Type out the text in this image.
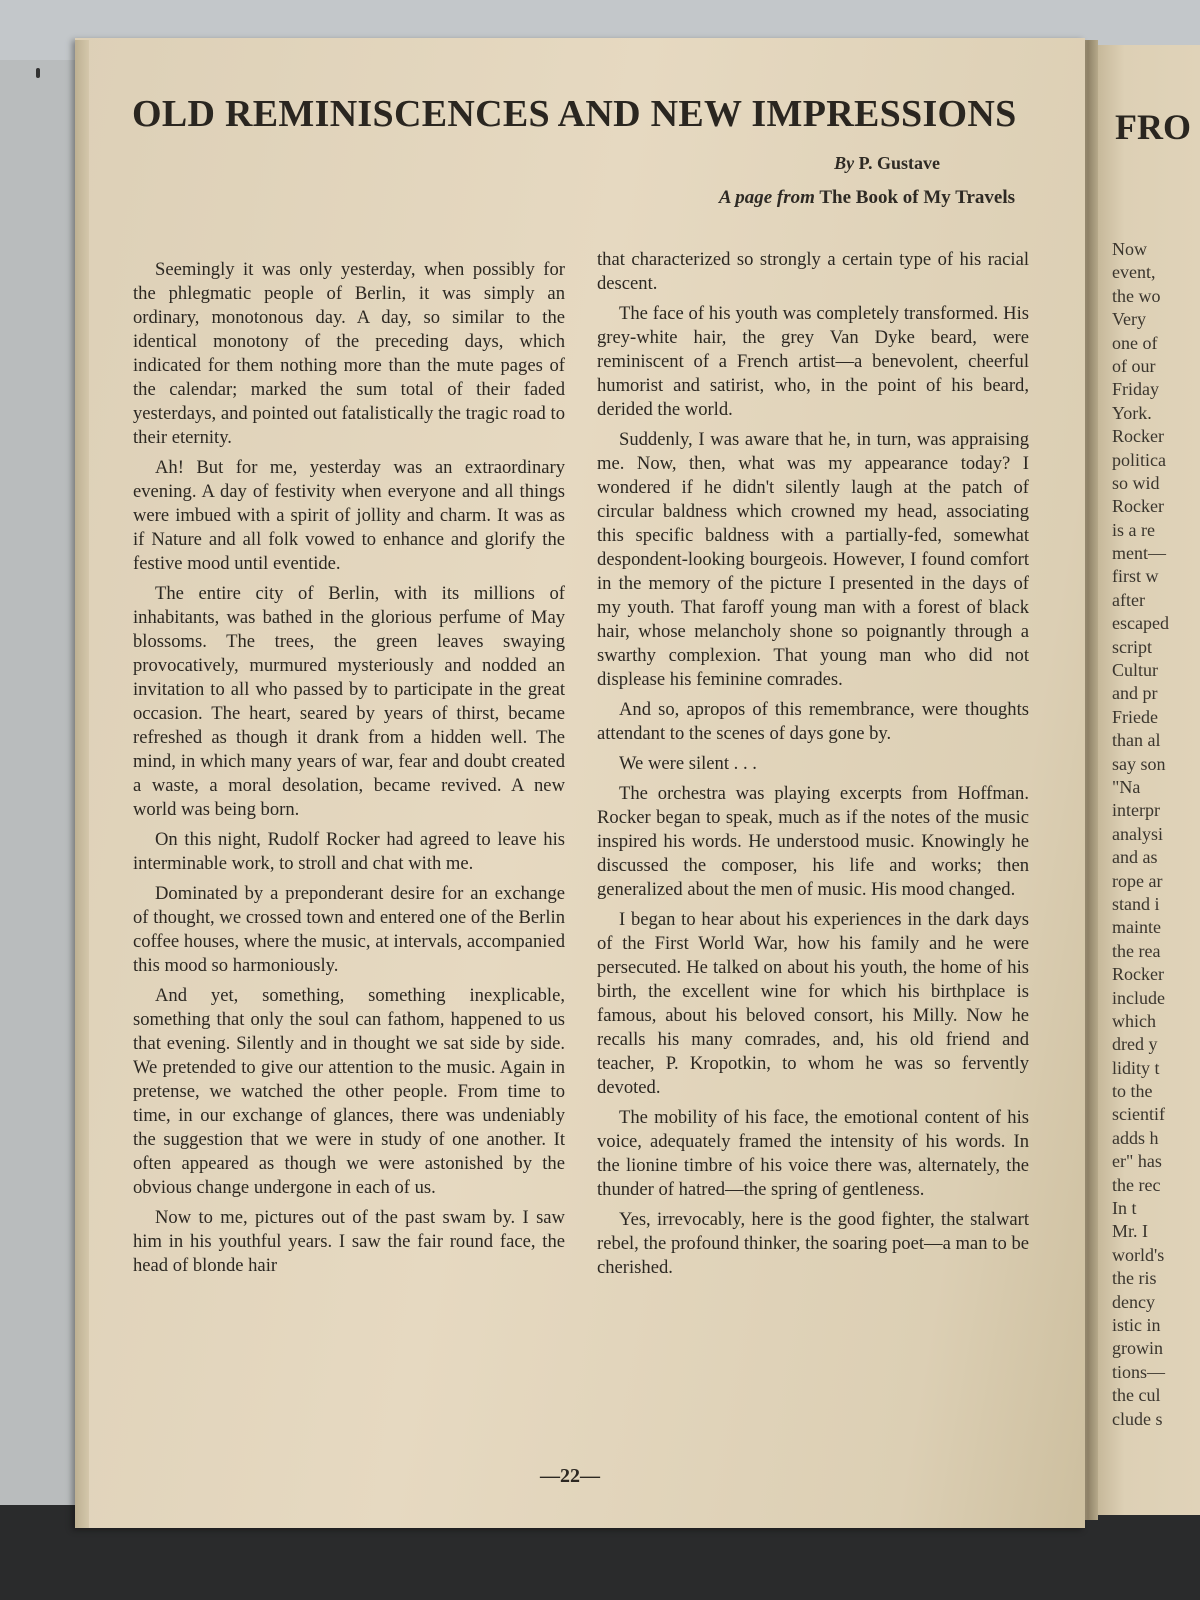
OLD REMINISCENCES AND NEW IMPRESSIONS
By P. Gustave
A page from The Book of My Travels

Seemingly it was only yesterday, when possibly for the phlegmatic people of Berlin, it was simply an ordinary, monotonous day. A day, so similar to the identical monotony of the preceding days, which indicated for them nothing more than the mute pages of the calendar; marked the sum total of their faded yesterdays, and pointed out fatalistically the tragic road to their eternity.

Ah! But for me, yesterday was an extraordinary evening. A day of festivity when everyone and all things were imbued with a spirit of jollity and charm. It was as if Nature and all folk vowed to enhance and glorify the festive mood until eventide.

The entire city of Berlin, with its millions of inhabitants, was bathed in the glorious perfume of May blossoms. The trees, the green leaves swaying provocatively, murmured mysteriously and nodded an invitation to all who passed by to participate in the great occasion. The heart, seared by years of thirst, became refreshed as though it drank from a hidden well. The mind, in which many years of war, fear and doubt created a waste, a moral desolation, became revived. A new world was being born.

On this night, Rudolf Rocker had agreed to leave his interminable work, to stroll and chat with me.

Dominated by a preponderant desire for an exchange of thought, we crossed town and entered one of the Berlin coffee houses, where the music, at intervals, accompanied this mood so harmoniously.

And yet, something, something inexplicable, something that only the soul can fathom, happened to us that evening. Silently and in thought we sat side by side. We pretended to give our attention to the music. Again in pretense, we watched the other people. From time to time, in our exchange of glances, there was undeniably the suggestion that we were in study of one another. It often appeared as though we were astonished by the obvious change undergone in each of us.

Now to me, pictures out of the past swam by. I saw him in his youthful years. I saw the fair round face, the head of blonde hair

that characterized so strongly a certain type of his racial descent.

The face of his youth was completely transformed. His grey-white hair, the grey Van Dyke beard, were reminiscent of a French artist—a benevolent, cheerful humorist and satirist, who, in the point of his beard, derided the world.

Suddenly, I was aware that he, in turn, was appraising me. Now, then, what was my appearance today? I wondered if he didn't silently laugh at the patch of circular baldness which crowned my head, associating this specific baldness with a partially-fed, somewhat despondent-looking bourgeois. However, I found comfort in the memory of the picture I presented in the days of my youth. That faroff young man with a forest of black hair, whose melancholy shone so poignantly through a swarthy complexion. That young man who did not displease his feminine comrades.

And so, apropos of this remembrance, were thoughts attendant to the scenes of days gone by.

We were silent . . .

The orchestra was playing excerpts from Hoffman. Rocker began to speak, much as if the notes of the music inspired his words. He understood music. Knowingly he discussed the composer, his life and works; then generalized about the men of music. His mood changed.

I began to hear about his experiences in the dark days of the First World War, how his family and he were persecuted. He talked on about his youth, the home of his birth, the excellent wine for which his birthplace is famous, about his beloved consort, his Milly. Now he recalls his many comrades, and, his old friend and teacher, P. Kropotkin, to whom he was so fervently devoted.

The mobility of his face, the emotional content of his voice, adequately framed the intensity of his words. In the lionine timbre of his voice there was, alternately, the thunder of hatred—the spring of gentleness.

Yes, irrevocably, here is the good fighter, the stalwart rebel, the profound thinker, the soaring poet—a man to be cherished.

—22—
FRO
Now
event,
the wo
Very
one of
of our
Friday
York.
Rocker
politica
so wid
Rocker
is a re
ment—
first w
after
escaped
script
Cultur
and pr
Friede
than al
say son
"Na
interpr
analysi
and as
rope ar
stand i
mainte
the rea
Rocker
include
which
dred y
lidity t
to the
scientif
adds h
er" has
the rec
In t
Mr. I
world's
the ris
dency
istic in
growin
tions—
the cul
clude s
